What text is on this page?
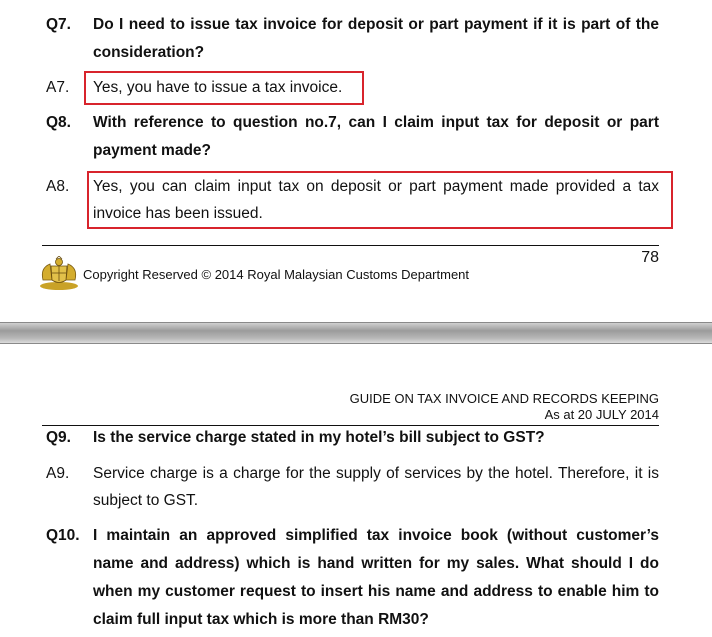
Q7. Do I need to issue tax invoice for deposit or part payment if it is part of the consideration?
A7. Yes, you have to issue a tax invoice.
Q8. With reference to question no.7, can I claim input tax for deposit or part payment made?
A8. Yes, you can claim input tax on deposit or part payment made provided a tax invoice has been issued.
78
Copyright Reserved © 2014 Royal Malaysian Customs Department
GUIDE ON TAX INVOICE AND RECORDS KEEPING
As at 20 JULY 2014
Q9. Is the service charge stated in my hotel’s bill subject to GST?
A9. Service charge is a charge for the supply of services by the hotel. Therefore, it is subject to GST.
Q10. I maintain an approved simplified tax invoice book (without customer’s name and address) which is hand written for my sales. What should I do when my customer request to insert his name and address to enable him to claim full input tax which is more than RM30?
